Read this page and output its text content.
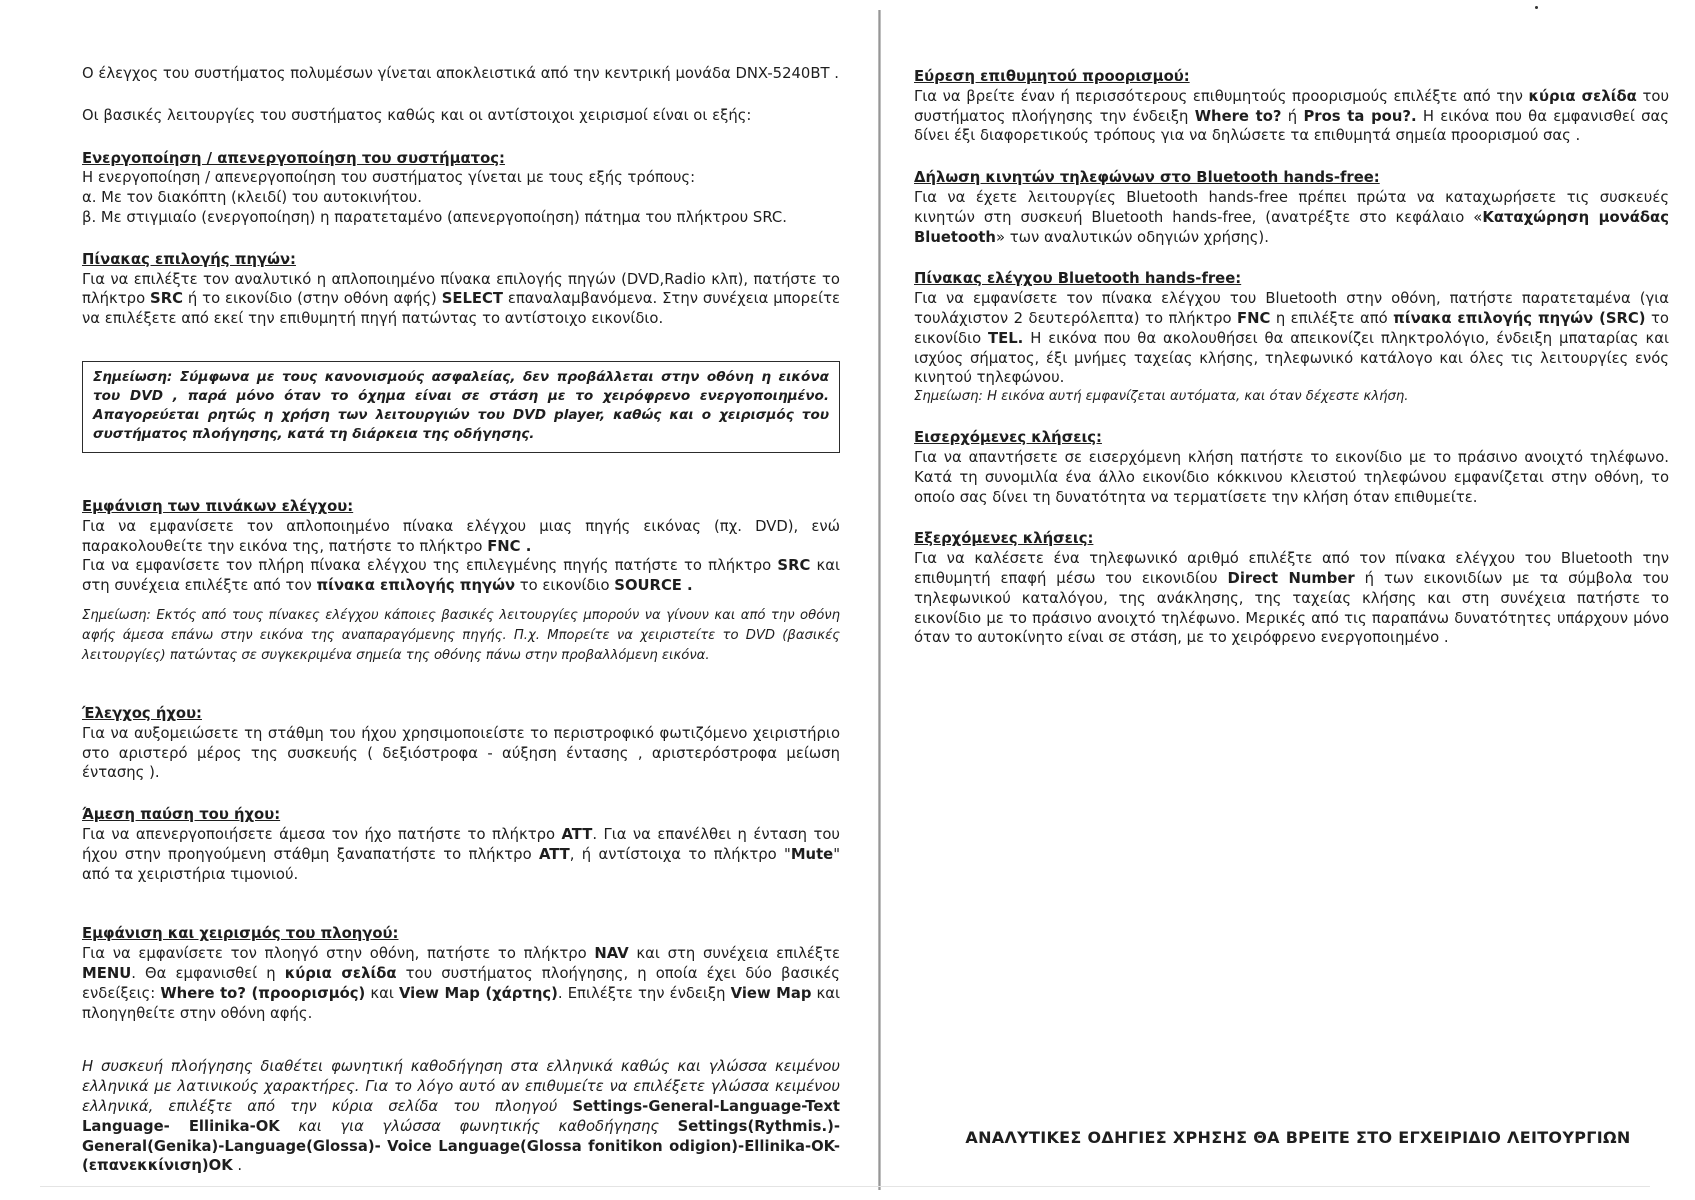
Ο έλεγχος του συστήματος πολυμέσων γίνεται αποκλειστικά από την κεντρική μονάδα DNX-5240BT .

Οι βασικές λειτουργίες του συστήματος καθώς και οι αντίστοιχοι χειρισμοί είναι οι εξής:

Ενεργοποίηση / απενεργοποίηση του συστήματος:

Η ενεργοποίηση / απενεργοποίηση του συστήματος γίνεται με τους εξής τρόπους:

α. Με τον διακόπτη (κλειδί) του αυτοκινήτου.

β. Με στιγμιαίο (ενεργοποίηση) η παρατεταμένο (απενεργοποίηση) πάτημα του πλήκτρου SRC.

Πίνακας επιλογής πηγών:

Για να επιλέξτε τον αναλυτικό η απλοποιημένο πίνακα επιλογής πηγών (DVD,Radio κλπ), πατήστε το πλήκτρο SRC ή το εικονίδιο (στην οθόνη αφής) SELECT επαναλαμβανόμενα. Στην συνέχεια μπορείτε να επιλέξετε από εκεί την επιθυμητή πηγή πατώντας το αντίστοιχο εικονίδιο.

Σημείωση: Σύμφωνα με τους κανονισμούς ασφαλείας, δεν προβάλλεται στην οθόνη η εικόνα του DVD , παρά μόνο όταν το όχημα είναι σε στάση με το χειρόφρενο ενεργοποιημένο. Απαγορεύεται ρητώς η χρήση των λειτουργιών του DVD player, καθώς και ο χειρισμός του συστήματος πλοήγησης, κατά τη διάρκεια της οδήγησης.

Εμφάνιση των πινάκων ελέγχου:

Για να εμφανίσετε τον απλοποιημένο πίνακα ελέγχου μιας πηγής εικόνας (πχ. DVD), ενώ παρακολουθείτε την εικόνα της, πατήστε το πλήκτρο FNC .

Για να εμφανίσετε τον πλήρη πίνακα ελέγχου της επιλεγμένης πηγής πατήστε το πλήκτρο SRC και στη συνέχεια επιλέξτε από τον πίνακα επιλογής πηγών το εικονίδιο SOURCE .

Σημείωση: Εκτός από τους πίνακες ελέγχου κάποιες βασικές λειτουργίες μπορούν να γίνουν και από την οθόνη αφής άμεσα επάνω στην εικόνα της αναπαραγόμενης πηγής. Π.χ. Μπορείτε να χειριστείτε το DVD (βασικές λειτουργίες) πατώντας σε συγκεκριμένα σημεία της οθόνης πάνω στην προβαλλόμενη εικόνα.

Έλεγχος ήχου:

Για να αυξομειώσετε τη στάθμη του ήχου χρησιμοποιείστε το περιστροφικό φωτιζόμενο χειριστήριο στο αριστερό μέρος της συσκευής ( δεξιόστροφα - αύξηση έντασης , αριστερόστροφα μείωση έντασης ).

Άμεση παύση του ήχου:

Για να απενεργοποιήσετε άμεσα τον ήχο πατήστε το πλήκτρο ATT. Για να επανέλθει η ένταση του ήχου στην προηγούμενη στάθμη ξαναπατήστε το πλήκτρο ATT, ή αντίστοιχα το πλήκτρο "Mute" από τα χειριστήρια τιμονιού.

Εμφάνιση και χειρισμός του πλοηγού:

Για να εμφανίσετε τον πλοηγό στην οθόνη, πατήστε το πλήκτρο NAV και στη συνέχεια επιλέξτε MENU. Θα εμφανισθεί η κύρια σελίδα του συστήματος πλοήγησης, η οποία έχει δύο βασικές ενδείξεις: Where to? (προορισμός) και View Map (χάρτης). Επιλέξτε την ένδειξη View Map και πλοηγηθείτε στην οθόνη αφής.

Η συσκευή πλοήγησης διαθέτει φωνητική καθοδήγηση στα ελληνικά καθώς και γλώσσα κειμένου ελληνικά με λατινικούς χαρακτήρες. Για το λόγο αυτό αν επιθυμείτε να επιλέξετε γλώσσα κειμένου ελληνικά, επιλέξτε από την κύρια σελίδα του πλοηγού Settings-General-Language-Text Language- Ellinika-OK και για γλώσσα φωνητικής καθοδήγησης Settings(Rythmis.)-General(Genika)-Language(Glossa)- Voice Language(Glossa fonitikon odigion)-Ellinika-OK-(επανεκκίνιση)OK .

Εύρεση επιθυμητού προορισμού:

Για να βρείτε έναν ή περισσότερους επιθυμητούς προορισμούς επιλέξτε από την κύρια σελίδα του συστήματος πλοήγησης την ένδειξη Where to? ή Pros ta pou?. Η εικόνα που θα εμφανισθεί σας δίνει έξι διαφορετικούς τρόπους για να δηλώσετε τα επιθυμητά σημεία προορισμού σας .

Δήλωση κινητών τηλεφώνων στο Bluetooth hands-free:

Για να έχετε λειτουργίες Bluetooth hands-free πρέπει πρώτα να καταχωρήσετε τις συσκευές κινητών στη συσκευή Bluetooth hands-free, (ανατρέξτε στο κεφάλαιο «Καταχώρηση μονάδας Bluetooth» των αναλυτικών οδηγιών χρήσης).

Πίνακας ελέγχου Bluetooth hands-free:

Για να εμφανίσετε τον πίνακα ελέγχου του Bluetooth στην οθόνη, πατήστε παρατεταμένα (για τουλάχιστον 2 δευτερόλεπτα) το πλήκτρο FNC η επιλέξτε από πίνακα επιλογής πηγών (SRC) το εικονίδιο TEL. Η εικόνα που θα ακολουθήσει θα απεικονίζει πληκτρολόγιο, ένδειξη μπαταρίας και ισχύος σήματος, έξι μνήμες ταχείας κλήσης, τηλεφωνικό κατάλογο και όλες τις λειτουργίες ενός κινητού τηλεφώνου.

Σημείωση: Η εικόνα αυτή εμφανίζεται αυτόματα, και όταν δέχεστε κλήση.

Εισερχόμενες κλήσεις:

Για να απαντήσετε σε εισερχόμενη κλήση πατήστε το εικονίδιο με το πράσινο ανοιχτό τηλέφωνο. Κατά τη συνομιλία ένα άλλο εικονίδιο κόκκινου κλειστού τηλεφώνου εμφανίζεται στην οθόνη, το οποίο σας δίνει τη δυνατότητα να τερματίσετε την κλήση όταν επιθυμείτε.

Εξερχόμενες κλήσεις:

Για να καλέσετε ένα τηλεφωνικό αριθμό επιλέξτε από τον πίνακα ελέγχου του Bluetooth την επιθυμητή επαφή μέσω του εικονιδίου Direct Number ή των εικονιδίων με τα σύμβολα του τηλεφωνικού καταλόγου, της ανάκλησης, της ταχείας κλήσης και στη συνέχεια πατήστε το εικονίδιο με το πράσινο ανοιχτό τηλέφωνο. Μερικές από τις παραπάνω δυνατότητες υπάρχουν μόνο όταν το αυτοκίνητο είναι σε στάση, με το χειρόφρενο ενεργοποιημένο .

ΑΝΑΛΥΤΙΚΕΣ ΟΔΗΓΙΕΣ ΧΡΗΣΗΣ ΘΑ ΒΡΕΙΤΕ ΣΤΟ ΕΓΧΕΙΡΙΔΙΟ ΛΕΙΤΟΥΡΓΙΩΝ
